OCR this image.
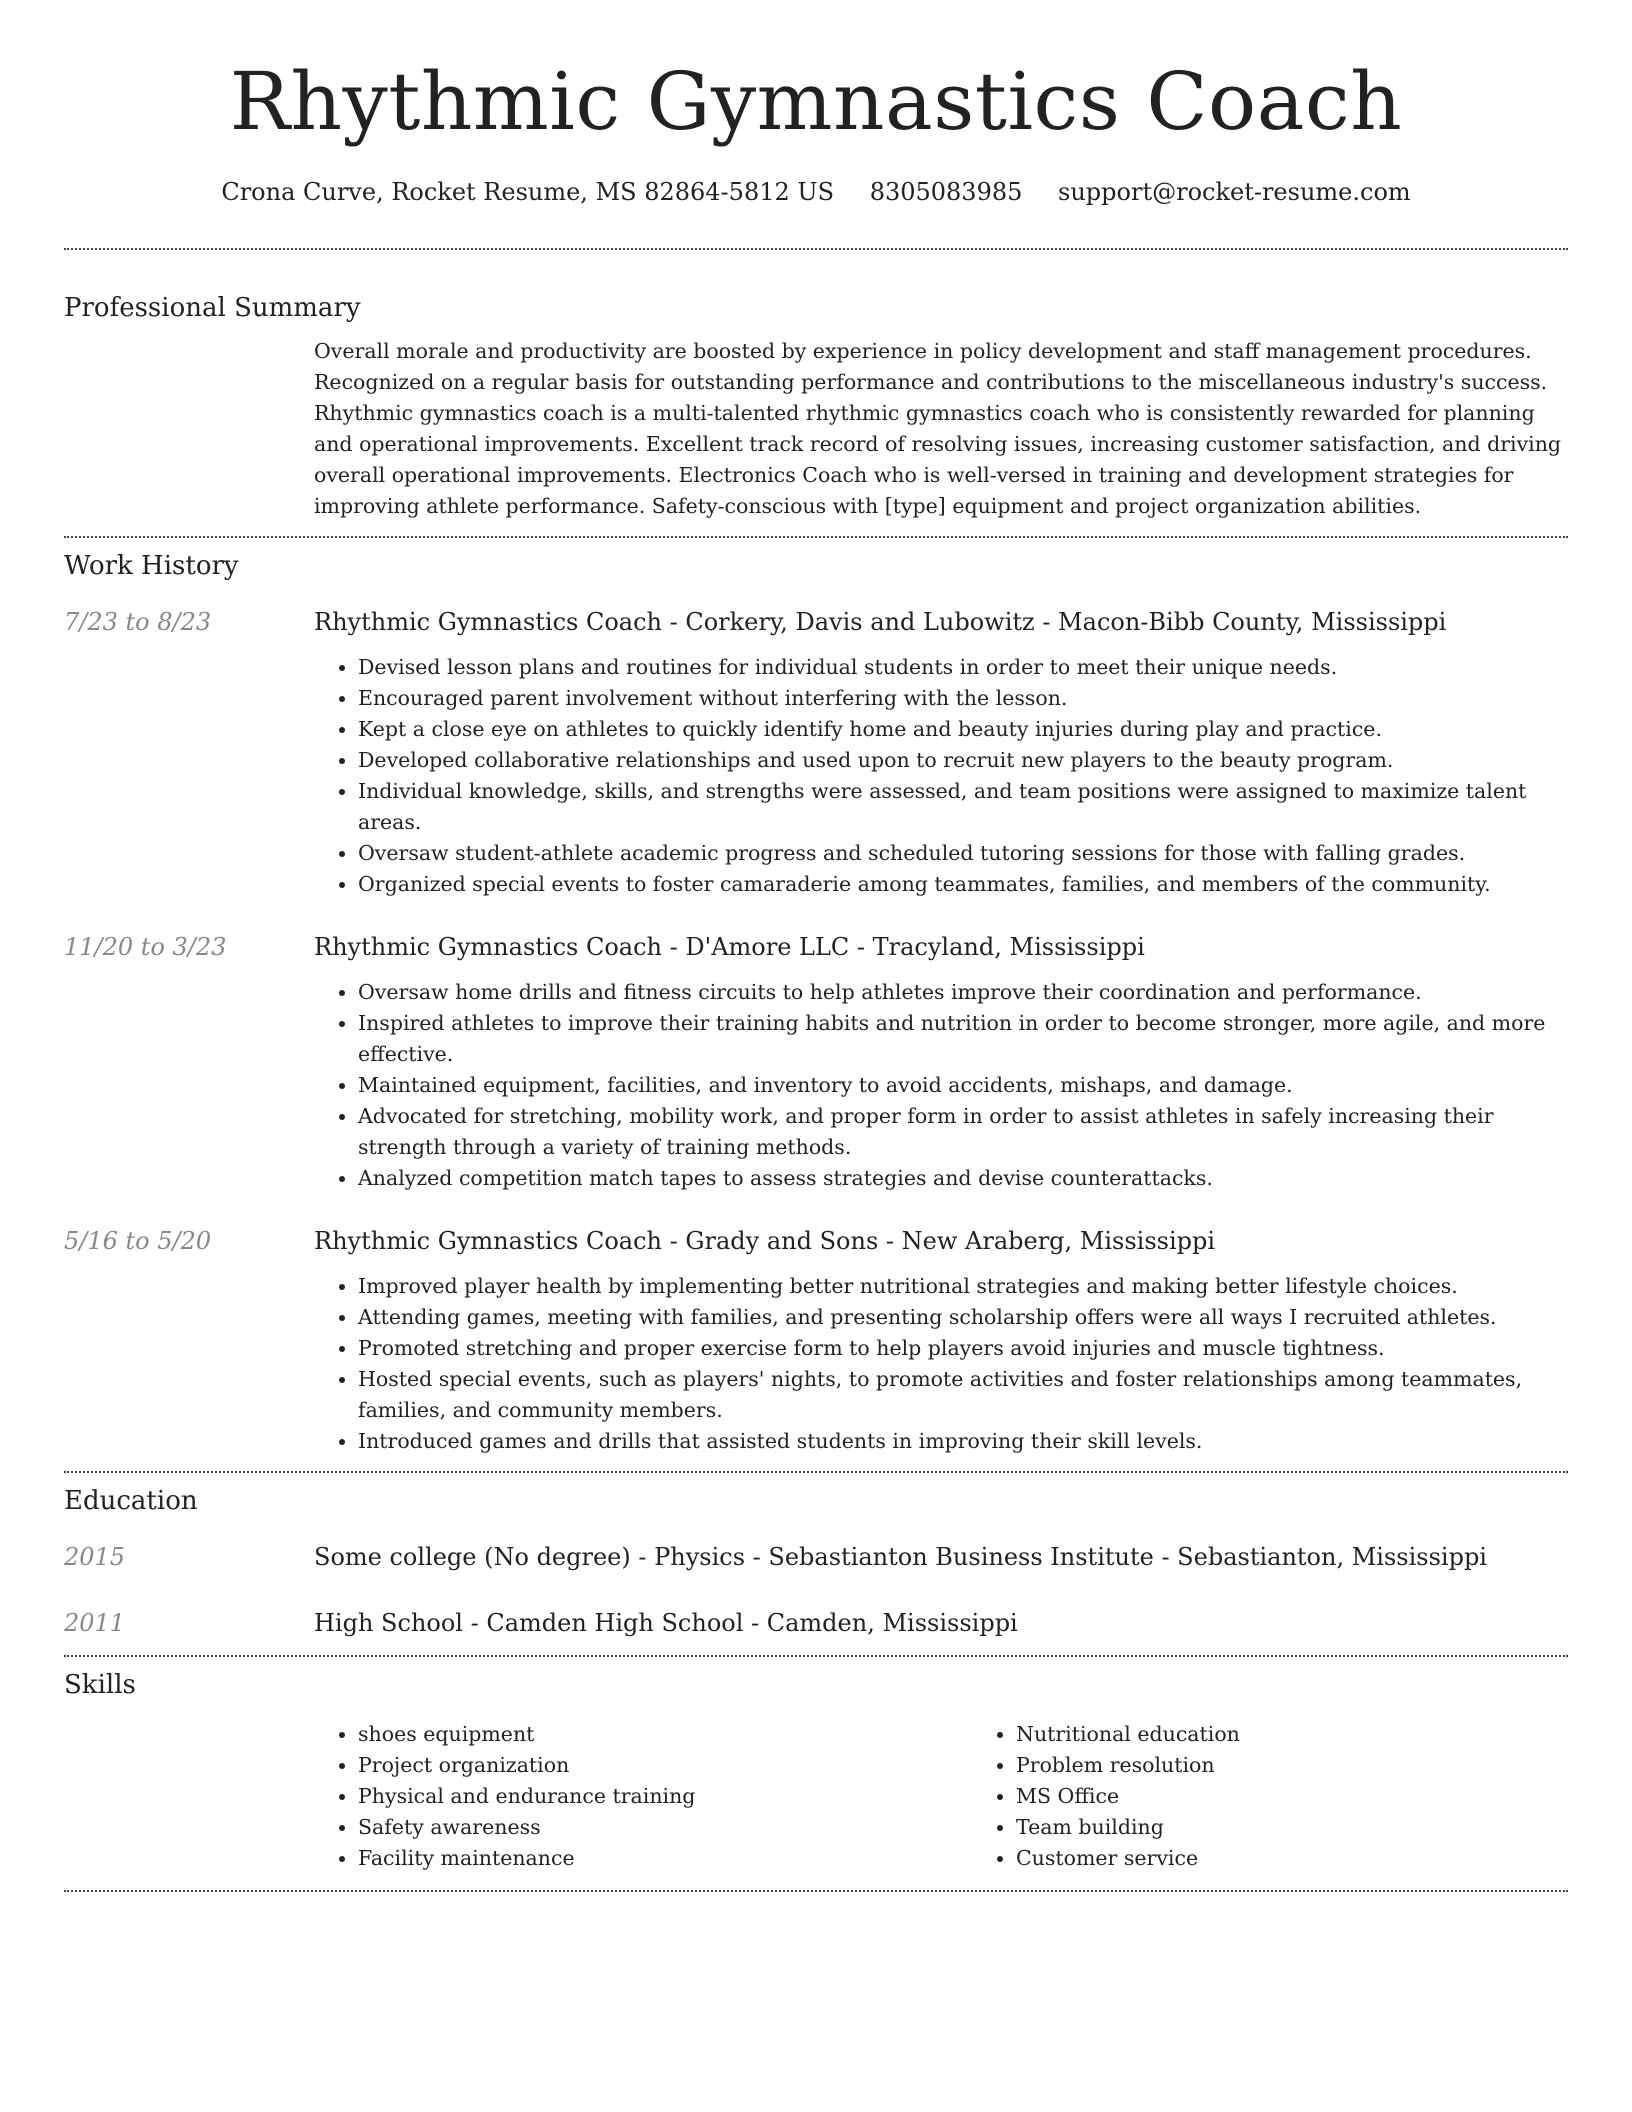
Rhythmic Gymnastics Coach
Crona Curve, Rocket Resume, MS 82864-5812 US 8305083985 support@rocket-resume.com
Professional Summary
Overall morale and productivity are boosted by experience in policy development and staff management procedures. Recognized on a regular basis for outstanding performance and contributions to the miscellaneous industry's success. Rhythmic gymnastics coach is a multi-talented rhythmic gymnastics coach who is consistently rewarded for planning and operational improvements. Excellent track record of resolving issues, increasing customer satisfaction, and driving overall operational improvements. Electronics Coach who is well-versed in training and development strategies for improving athlete performance. Safety-conscious with [type] equipment and project organization abilities.
Work History
7/23 to 8/23	Rhythmic Gymnastics Coach - Corkery, Davis and Lubowitz - Macon-Bibb County, Mississippi
• Devised lesson plans and routines for individual students in order to meet their unique needs.
• Encouraged parent involvement without interfering with the lesson.
• Kept a close eye on athletes to quickly identify home and beauty injuries during play and practice.
• Developed collaborative relationships and used upon to recruit new players to the beauty program.
• Individual knowledge, skills, and strengths were assessed, and team positions were assigned to maximize talent areas.
• Oversaw student-athlete academic progress and scheduled tutoring sessions for those with falling grades.
• Organized special events to foster camaraderie among teammates, families, and members of the community.
11/20 to 3/23	Rhythmic Gymnastics Coach - D'Amore LLC - Tracyland, Mississippi
• Oversaw home drills and fitness circuits to help athletes improve their coordination and performance.
• Inspired athletes to improve their training habits and nutrition in order to become stronger, more agile, and more effective.
• Maintained equipment, facilities, and inventory to avoid accidents, mishaps, and damage.
• Advocated for stretching, mobility work, and proper form in order to assist athletes in safely increasing their strength through a variety of training methods.
• Analyzed competition match tapes to assess strategies and devise counterattacks.
5/16 to 5/20	Rhythmic Gymnastics Coach - Grady and Sons - New Araberg, Mississippi
• Improved player health by implementing better nutritional strategies and making better lifestyle choices.
• Attending games, meeting with families, and presenting scholarship offers were all ways I recruited athletes.
• Promoted stretching and proper exercise form to help players avoid injuries and muscle tightness.
• Hosted special events, such as players' nights, to promote activities and foster relationships among teammates, families, and community members.
• Introduced games and drills that assisted students in improving their skill levels.
Education
2015	Some college (No degree) - Physics - Sebastianton Business Institute - Sebastianton, Mississippi
2011	High School - Camden High School - Camden, Mississippi
Skills
• shoes equipment
• Project organization
• Physical and endurance training
• Safety awareness
• Facility maintenance
• Nutritional education
• Problem resolution
• MS Office
• Team building
• Customer service
